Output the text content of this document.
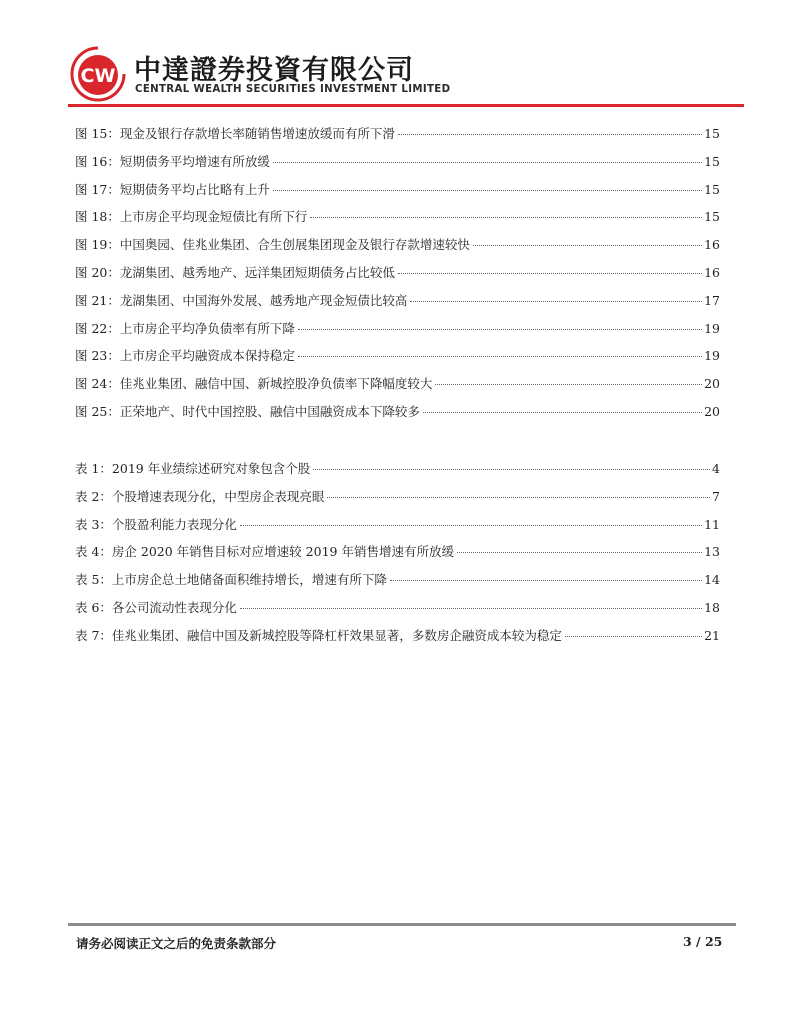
CW 中達證券投資有限公司
CENTRAL WEALTH SECURITIES INVESTMENT LIMITED
图 15：现金及银行存款增长率随销售增速放缓而有所下滑	15
图 16：短期债务平均增速有所放缓	15
图 17：短期债务平均占比略有上升	15
图 18：上市房企平均现金短债比有所下行	15
图 19：中国奥园、佳兆业集团、合生创展集团现金及银行存款增速较快	16
图 20：龙湖集团、越秀地产、远洋集团短期债务占比较低	16
图 21：龙湖集团、中国海外发展、越秀地产现金短债比较高	17
图 22：上市房企平均净负债率有所下降	19
图 23：上市房企平均融资成本保持稳定	19
图 24：佳兆业集团、融信中国、新城控股净负债率下降幅度较大	20
图 25：正荣地产、时代中国控股、融信中国融资成本下降较多	20
表 1：2019 年业绩综述研究对象包含个股	4
表 2：个股增速表现分化，中型房企表现亮眼	7
表 3：个股盈利能力表现分化	11
表 4：房企 2020 年销售目标对应增速较 2019 年销售增速有所放缓	13
表 5：上市房企总土地储备面积维持增长，增速有所下降	14
表 6：各公司流动性表现分化	18
表 7：佳兆业集团、融信中国及新城控股等降杠杆效果显著，多数房企融资成本较为稳定	21
请务必阅读正文之后的免责条款部分	3 / 25
